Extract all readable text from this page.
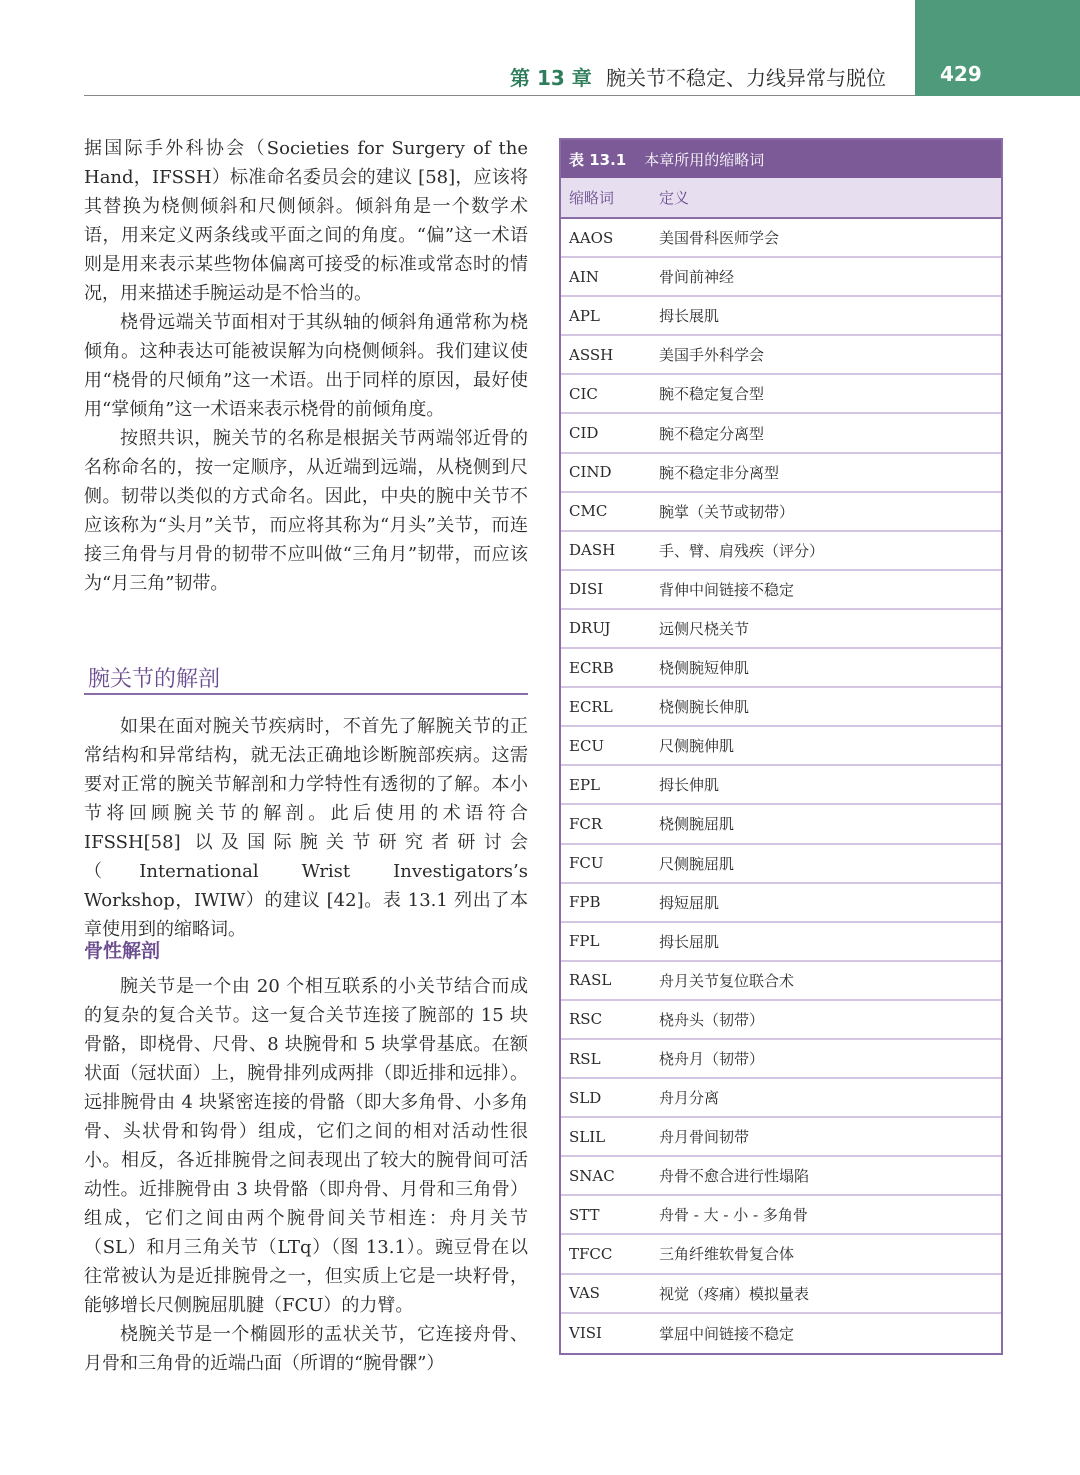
第 13 章 腕关节不稳定、力线异常与脱位	429

据国际手外科协会（Societies for Surgery of the Hand，IFSSH）标准命名委员会的建议 [58]，应该将其替换为桡侧倾斜和尺侧倾斜。倾斜角是一个数学术语，用来定义两条线或平面之间的角度。“偏”这一术语则是用来表示某些物体偏离可接受的标准或常态时的情况，用来描述手腕运动是不恰当的。

桡骨远端关节面相对于其纵轴的倾斜角通常称为桡倾角。这种表达可能被误解为向桡侧倾斜。我们建议使用“桡骨的尺倾角”这一术语。出于同样的原因，最好使用“掌倾角”这一术语来表示桡骨的前倾角度。

按照共识，腕关节的名称是根据关节两端邻近骨的名称命名的，按一定顺序，从近端到远端，从桡侧到尺侧。韧带以类似的方式命名。因此，中央的腕中关节不应该称为“头月”关节，而应将其称为“月头”关节，而连接三角骨与月骨的韧带不应叫做“三角月”韧带，而应该为“月三角”韧带。

腕关节的解剖

如果在面对腕关节疾病时，不首先了解腕关节的正常结构和异常结构，就无法正确地诊断腕部疾病。这需要对正常的腕关节解剖和力学特性有透彻的了解。本小节将回顾腕关节的解剖。此后使用的术语符合 IFSSH[58] 以及国际腕关节研究者研讨会（International Wrist Investigators’s Workshop，IWIW）的建议 [42]。表 13.1 列出了本章使用到的缩略词。

骨性解剖

腕关节是一个由 20 个相互联系的小关节结合而成的复杂的复合关节。这一复合关节连接了腕部的 15 块骨骼，即桡骨、尺骨、8 块腕骨和 5 块掌骨基底。在额状面（冠状面）上，腕骨排列成两排（即近排和远排）。远排腕骨由 4 块紧密连接的骨骼（即大多角骨、小多角骨、头状骨和钩骨）组成，它们之间的相对活动性很小。相反，各近排腕骨之间表现出了较大的腕骨间可活动性。近排腕骨由 3 块骨骼（即舟骨、月骨和三角骨）组成，它们之间由两个腕骨间关节相连：舟月关节（SL）和月三角关节（LTq）（图 13.1）。豌豆骨在以往常被认为是近排腕骨之一，但实质上它是一块籽骨，能够增长尺侧腕屈肌腱（FCU）的力臂。

桡腕关节是一个椭圆形的盂状关节，它连接舟骨、月骨和三角骨的近端凸面（所谓的“腕骨髁”）

表 13.1 本章所用的缩略词
缩略词	定义
AAOS	美国骨科医师学会
AIN	骨间前神经
APL	拇长展肌
ASSH	美国手外科学会
CIC	腕不稳定复合型
CID	腕不稳定分离型
CIND	腕不稳定非分离型
CMC	腕掌（关节或韧带）
DASH	手、臂、肩残疾（评分）
DISI	背伸中间链接不稳定
DRUJ	远侧尺桡关节
ECRB	桡侧腕短伸肌
ECRL	桡侧腕长伸肌
ECU	尺侧腕伸肌
EPL	拇长伸肌
FCR	桡侧腕屈肌
FCU	尺侧腕屈肌
FPB	拇短屈肌
FPL	拇长屈肌
RASL	舟月关节复位联合术
RSC	桡舟头（韧带）
RSL	桡舟月（韧带）
SLD	舟月分离
SLIL	舟月骨间韧带
SNAC	舟骨不愈合进行性塌陷
STT	舟骨 - 大 - 小 - 多角骨
TFCC	三角纤维软骨复合体
VAS	视觉（疼痛）模拟量表
VISI	掌屈中间链接不稳定
